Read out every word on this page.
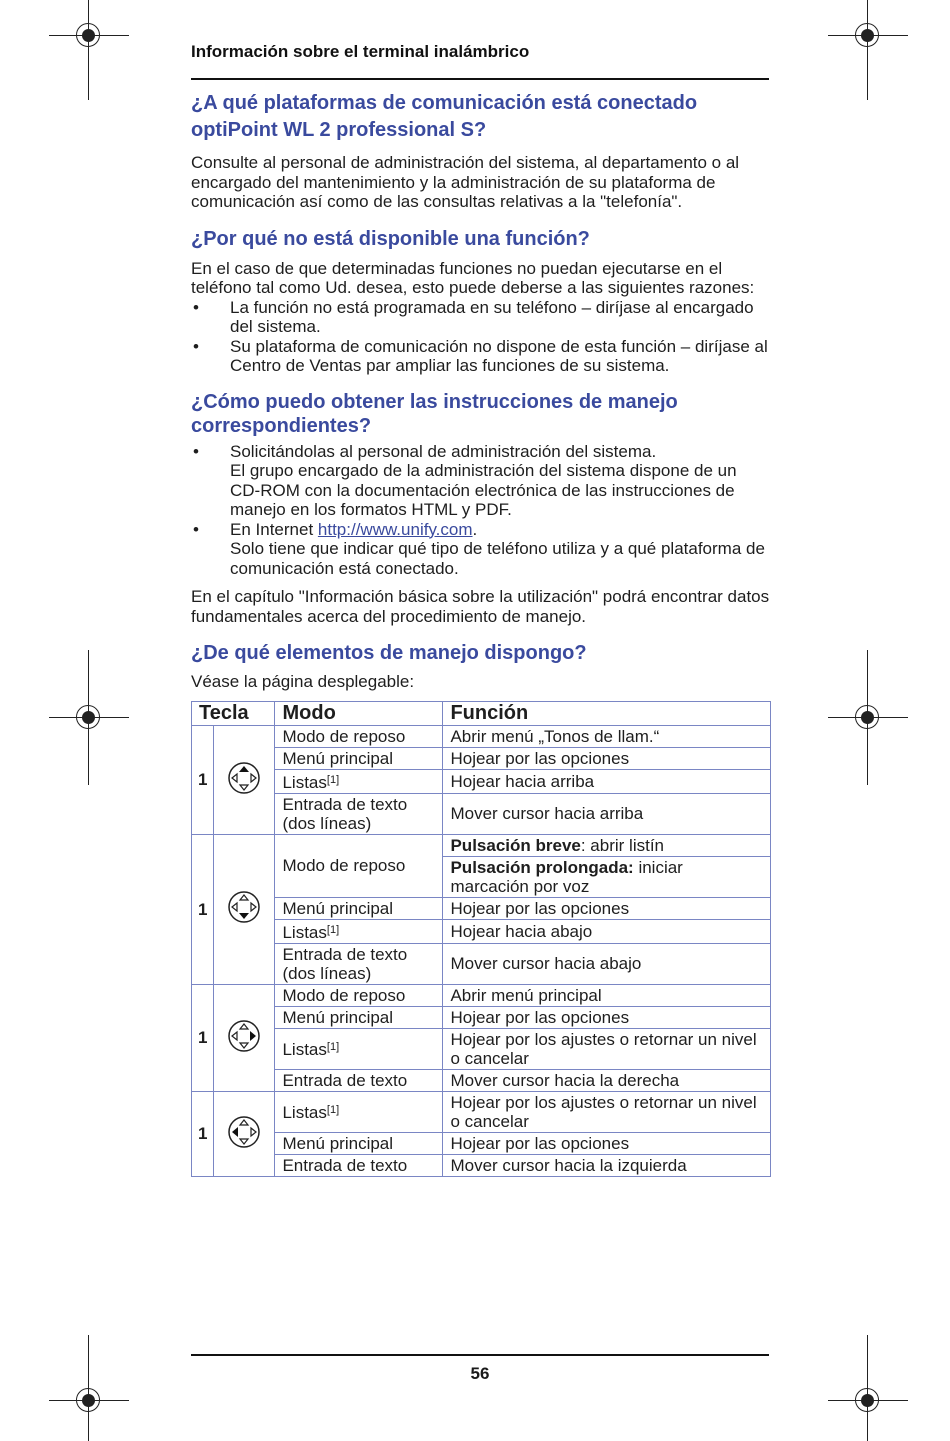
Información sobre el terminal inalámbrico
¿A qué plataformas de comunicación está conectado optiPoint WL 2 professional S?

Consulte al personal de administración del sistema, al departamento o al encargado del mantenimiento y la administración de su plataforma de comunicación así como de las consultas relativas a la "telefonía".

¿Por qué no está disponible una función?

En el caso de que determinadas funciones no puedan ejecutarse en el teléfono tal como Ud. desea, esto puede deberse a las siguientes razones:

• La función no está programada en su teléfono – diríjase al encargado del sistema.
• Su plataforma de comunicación no dispone de esta función – diríjase al Centro de Ventas par ampliar las funciones de su sistema.
¿Cómo puedo obtener las instrucciones de manejo correspondientes?
• Solicitándolas al personal de administración del sistema.
El grupo encargado de la administración del sistema dispone de un CD-ROM con la documentación electrónica de las instrucciones de manejo en los formatos HTML y PDF.
• En Internet http://www.unify.com.
Solo tiene que indicar qué tipo de teléfono utiliza y a qué plataforma de comunicación está conectado.

En el capítulo "Información básica sobre la utilización" podrá encontrar datos fundamentales acerca del procedimiento de manejo.

¿De qué elementos de manejo dispongo?

Véase la página desplegable:

Tecla		Modo	Función
1		Modo de reposo	Abrir menú „Tonos de llam.“
		Menú principal	Hojear por las opciones
		Listas[1]	Hojear hacia arriba
		Entrada de texto (dos líneas)	Mover cursor hacia arriba
1		Modo de reposo	Pulsación breve: abrir listín
			Pulsación prolongada: iniciar marcación por voz
		Menú principal	Hojear por las opciones
		Listas[1]	Hojear hacia abajo
		Entrada de texto (dos líneas)	Mover cursor hacia abajo
1		Modo de reposo	Abrir menú principal
		Menú principal	Hojear por las opciones
		Listas[1]	Hojear por los ajustes o retornar un nivel o cancelar
		Entrada de texto	Mover cursor hacia la derecha
1		Listas[1]	Hojear por los ajustes o retornar un nivel o cancelar
		Menú principal	Hojear por las opciones
		Entrada de texto	Mover cursor hacia la izquierda
56
